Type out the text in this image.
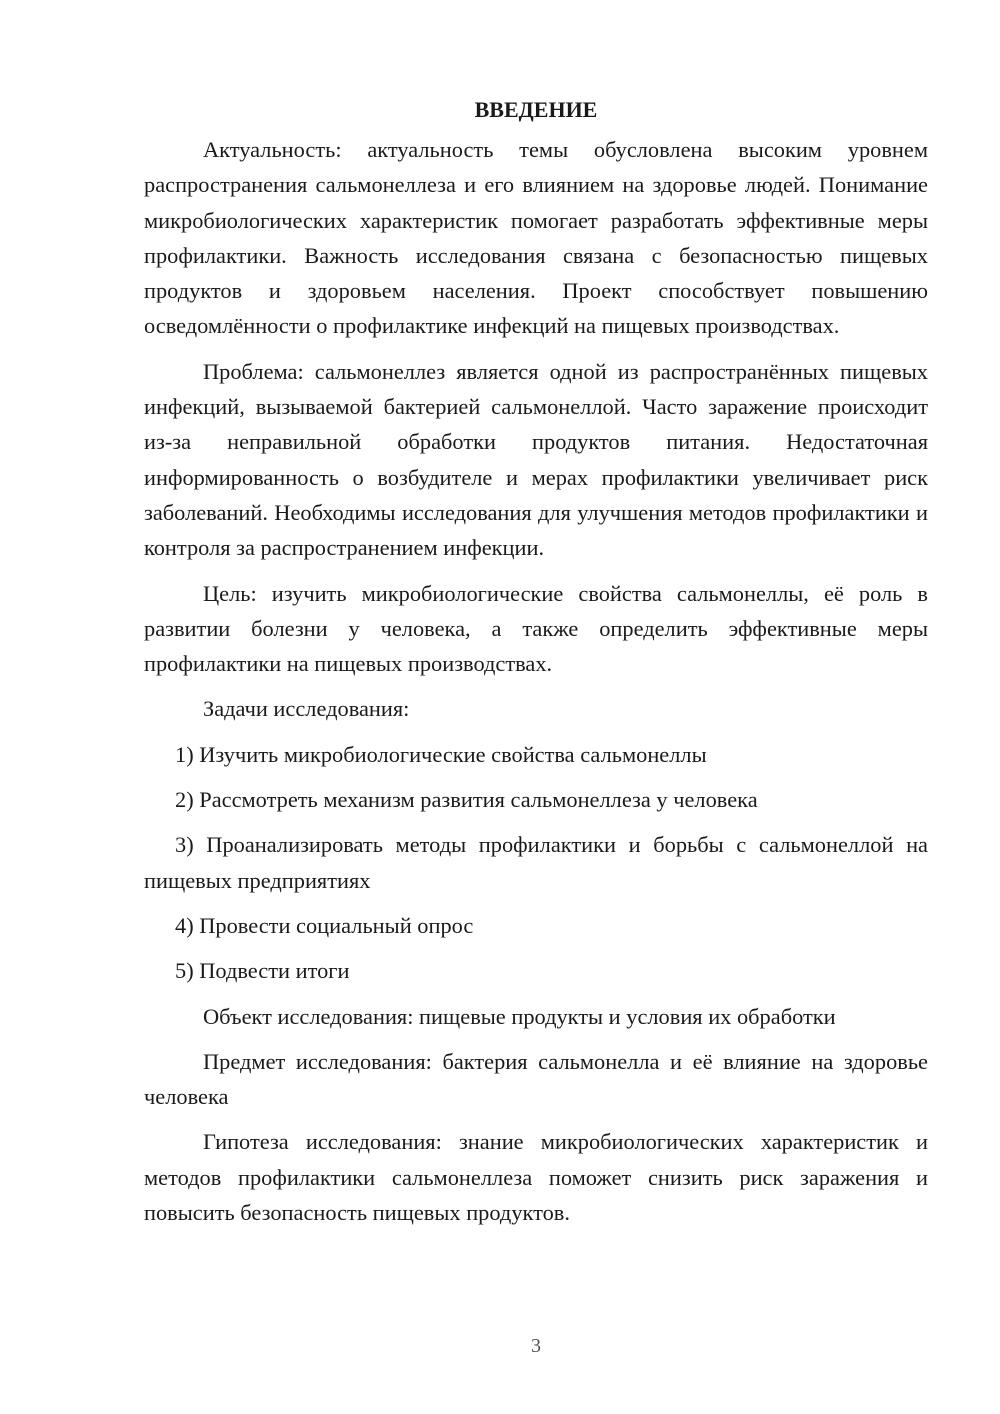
ВВЕДЕНИЕ

Актуальность: актуальность темы обусловлена высоким уровнем распространения сальмонеллеза и его влиянием на здоровье людей. Понимание микробиологических характеристик помогает разработать эффективные меры профилактики. Важность исследования связана с безопасностью пищевых продуктов и здоровьем населения. Проект способствует повышению осведомлённости о профилактике инфекций на пищевых производствах.

Проблема: сальмонеллез является одной из распространённых пищевых инфекций, вызываемой бактерией сальмонеллой. Часто заражение происходит из-за неправильной обработки продуктов питания. Недостаточная информированность о возбудителе и мерах профилактики увеличивает риск заболеваний. Необходимы исследования для улучшения методов профилактики и контроля за распространением инфекции.

Цель: изучить микробиологические свойства сальмонеллы, её роль в развитии болезни у человека, а также определить эффективные меры профилактики на пищевых производствах.

Задачи исследования:

1) Изучить микробиологические свойства сальмонеллы

2) Рассмотреть механизм развития сальмонеллеза у человека

3) Проанализировать методы профилактики и борьбы с сальмонеллой на пищевых предприятиях

4) Провести социальный опрос

5) Подвести итоги

Объект исследования: пищевые продукты и условия их обработки

Предмет исследования: бактерия сальмонелла и её влияние на здоровье человека

Гипотеза исследования: знание микробиологических характеристик и методов профилактики сальмонеллеза поможет снизить риск заражения и повысить безопасность пищевых продуктов.

3
